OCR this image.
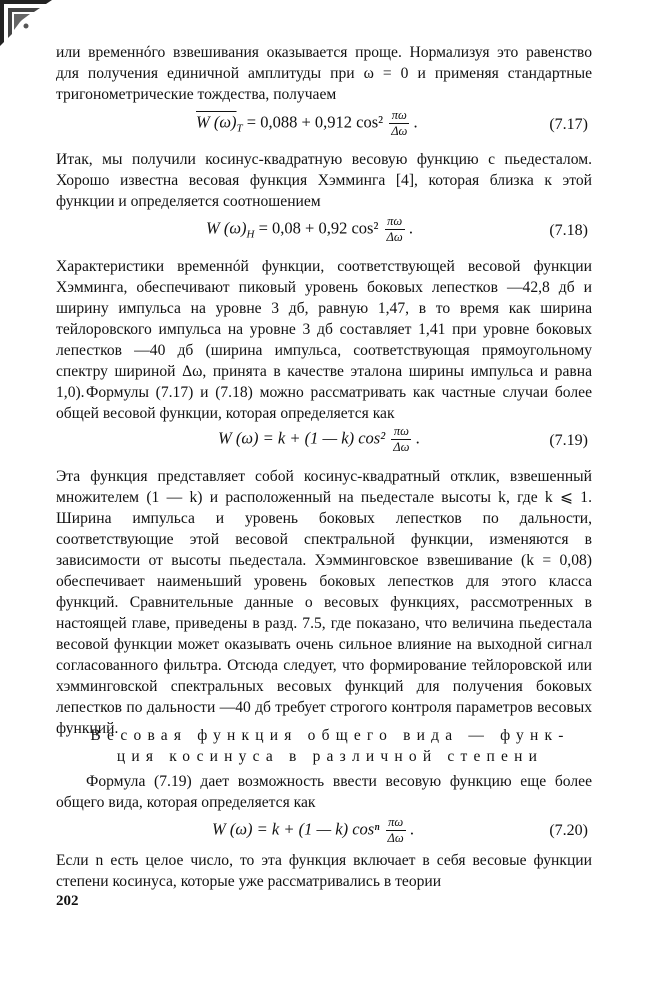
или временнóго взвешивания оказывается проще. Нормализуя это равенство для получения единичной амплитуды при ω = 0 и применяя стандартные тригонометрические тождества, получаем
W $(\omega)_T = 0,088 + 0,912$ $\cos^2 \frac{\pi\omega}{\Delta\omega}$ .	(7.17)
Итак, мы получили косинус-квадратную весовую функцию с пьедесталом. Хорошо известна весовая функция Хэмминга [4], которая близка к этой функции и определяется соотношением
W $(\omega)_H = 0,08 + 0,92$ $\cos^2 \frac{\pi\omega}{\Delta\omega}$ .	(7.18)
Характеристики временнóй функции, соответствующей весовой функции Хэмминга, обеспечивают пиковый уровень боковых лепестков —42,8 дб и ширину импульса на уровне 3 дб, равную 1,47, в то время как ширина тейлоровского импульса на уровне 3 дб составляет 1,41 при уровне боковых лепестков —40 дб (ширина импульса, соответствующая прямоугольному спектру шириной Δω, принята в качестве эталона ширины импульса и равна 1,0). Формулы (7.17) и (7.18) можно рассматривать как частные случаи более общей весовой функции, которая определяется как
W (ω) = k + (1 — k) $\cos^2 \frac{\pi\omega}{\Delta\omega}$ .	(7.19)
Эта функция представляет собой косинус-квадратный отклик, взвешенный множителем (1 — k) и расположенный на пьедестале высоты k, где k ⩽ 1. Ширина импульса и уровень боковых лепестков по дальности, соответствующие этой весовой спектральной функции, изменяются в зависимости от высоты пьедестала. Хэмминговское взвешивание (k = 0,08) обеспечивает наименьший уровень боковых лепестков для этого класса функций. Сравнительные данные о весовых функциях, рассмотренных в настоящей главе, приведены в разд. 7.5, где показано, что величина пьедестала весовой функции может оказывать очень сильное влияние на выходной сигнал согласованного фильтра. Отсюда следует, что формирование тейлоровской или хэмминговской спектральных весовых функций для получения боковых лепестков по дальности —40 дб требует строгого контроля параметров весовых функций.
Весовая функция общего вида — функ-
ция косинуса в различной степени
Формула (7.19) дает возможность ввести весовую функцию еще более общего вида, которая определяется как
W (ω) = k + (1 — k) cosⁿ $\frac{\pi\omega}{\Delta\omega}$ .	(7.20)
Если n есть целое число, то эта функция включает в себя весовые функции степени косинуса, которые уже рассматривались в теории
202
